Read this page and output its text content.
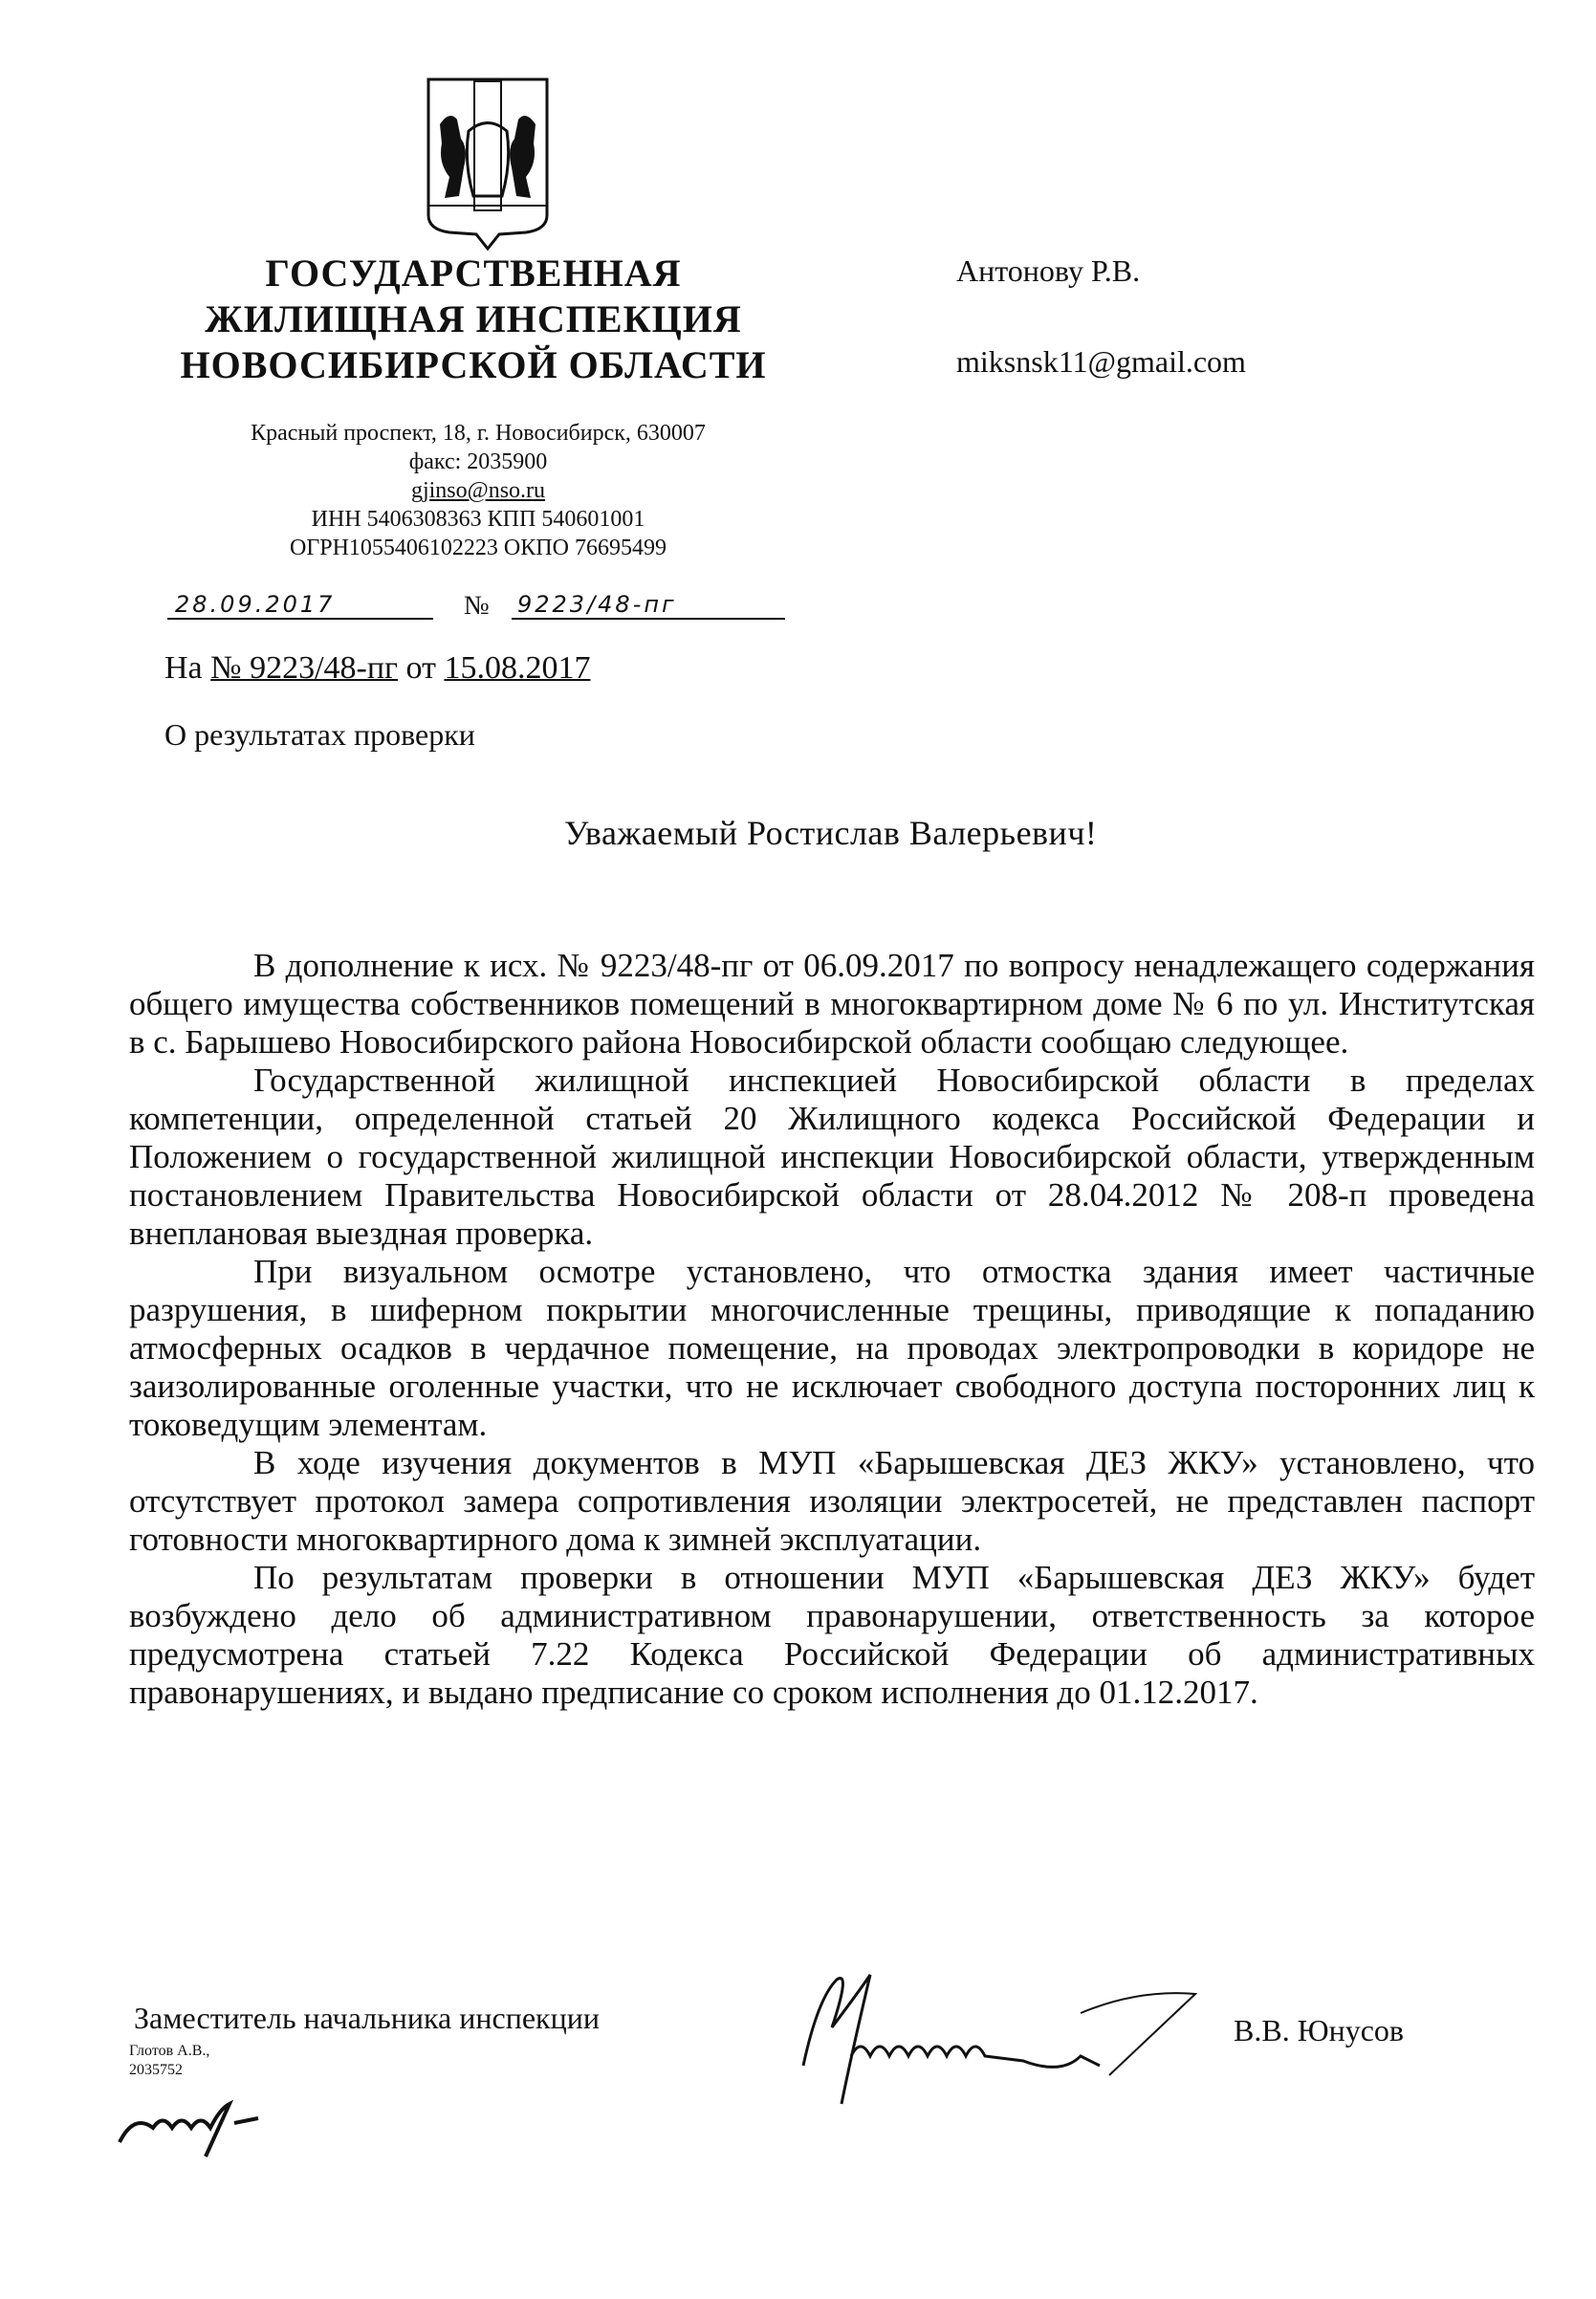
ГОСУДАРСТВЕННАЯ
ЖИЛИЩНАЯ ИНСПЕКЦИЯ
НОВОСИБИРСКОЙ ОБЛАСТИ
Красный проспект, 18, г. Новосибирск, 630007
факс: 2035900
gjinso@nso.ru
ИНН 5406308363 КПП 540601001
ОГРН1055406102223 ОКПО 76695499
28.09.2017	№ 9223/48-пг
На № 9223/48-пг от 15.08.2017
О результатах проверки
Антонову Р.В.
miksnsk11@gmail.com
Уважаемый Ростислав Валерьевич!

В дополнение к исх. № 9223/48-пг от 06.09.2017 по вопросу ненадлежащего содержания общего имущества собственников помещений в многоквартирном доме № 6 по ул. Институтская в с. Барышево Новосибирского района Новосибирской области сообщаю следующее.

Государственной жилищной инспекцией Новосибирской области в пределах компетенции, определенной статьей 20 Жилищного кодекса Российской Федерации и Положением о государственной жилищной инспекции Новосибирской области, утвержденным постановлением Правительства Новосибирской области от 28.04.2012 № 208-п проведена внеплановая выездная проверка.

При визуальном осмотре установлено, что отмостка здания имеет частичные разрушения, в шиферном покрытии многочисленные трещины, приводящие к попаданию атмосферных осадков в чердачное помещение, на проводах электропроводки в коридоре не заизолированные оголенные участки, что не исключает свободного доступа посторонних лиц к токоведущим элементам.

В ходе изучения документов в МУП «Барышевская ДЕЗ ЖКУ» установлено, что отсутствует протокол замера сопротивления изоляции электросетей, не представлен паспорт готовности многоквартирного дома к зимней эксплуатации.

По результатам проверки в отношении МУП «Барышевская ДЕЗ ЖКУ» будет возбуждено дело об административном правонарушении, ответственность за которое предусмотрена статьей 7.22 Кодекса Российской Федерации об административных правонарушениях, и выдано предписание со сроком исполнения до 01.12.2017.

Заместитель начальника инспекции	В.В. Юнусов
Глотов А.В.,
2035752
